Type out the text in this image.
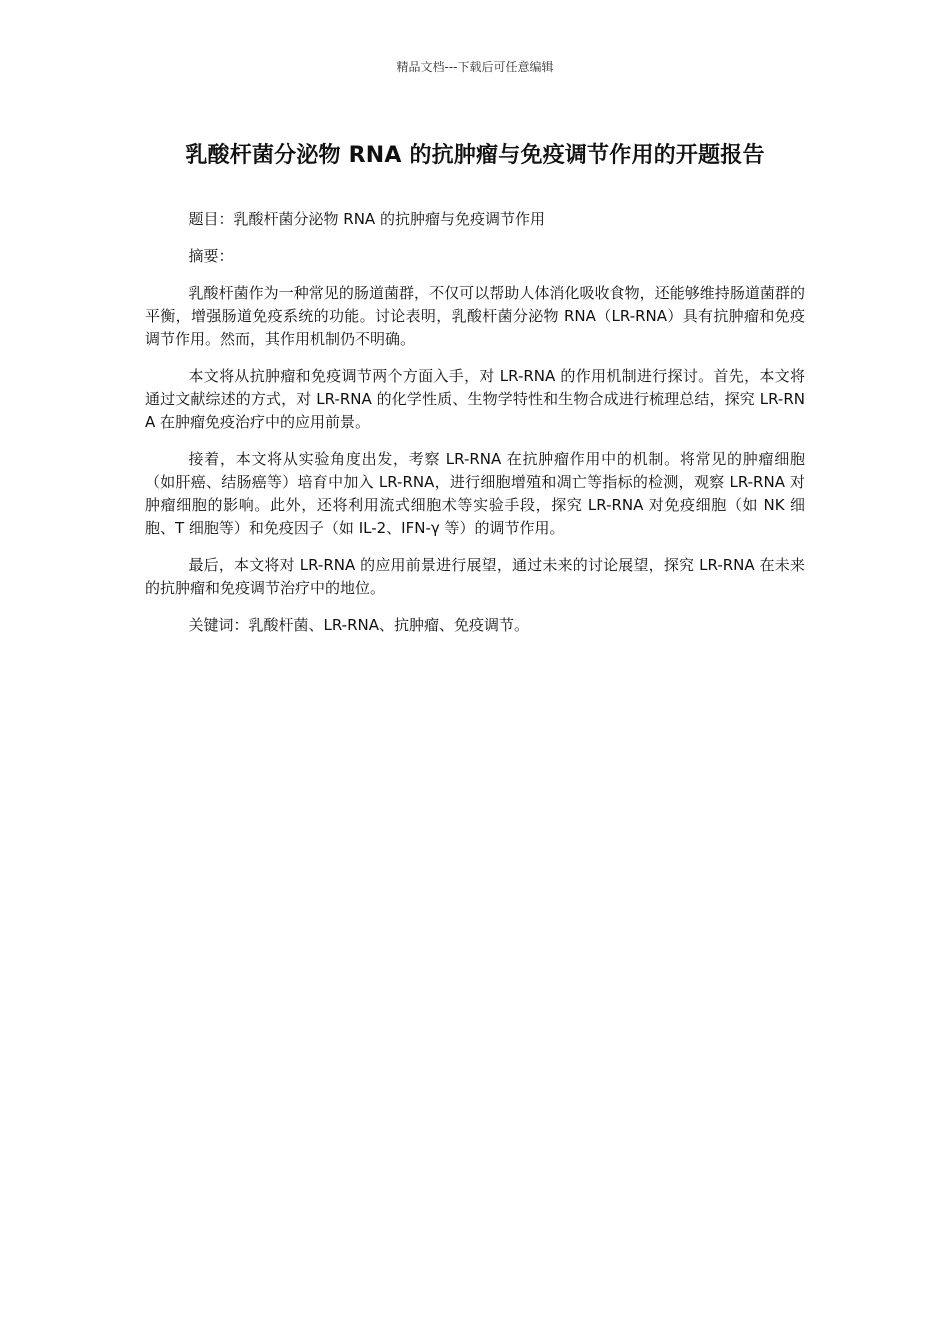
精品文档---下载后可任意编辑
乳酸杆菌分泌物 RNA 的抗肿瘤与免疫调节作用的开题报告

题目：乳酸杆菌分泌物 RNA 的抗肿瘤与免疫调节作用

摘要：

乳酸杆菌作为一种常见的肠道菌群，不仅可以帮助人体消化吸收食物，还能够维持肠道菌群的平衡，增强肠道免疫系统的功能。讨论表明，乳酸杆菌分泌物 RNA（LR-RNA）具有抗肿瘤和免疫调节作用。然而，其作用机制仍不明确。

本文将从抗肿瘤和免疫调节两个方面入手，对 LR-RNA 的作用机制进行探讨。首先，本文将通过文献综述的方式，对 LR-RNA 的化学性质、生物学特性和生物合成进行梳理总结，探究 LR-RNA 在肿瘤免疫治疗中的应用前景。

接着，本文将从实验角度出发，考察 LR-RNA 在抗肿瘤作用中的机制。将常见的肿瘤细胞（如肝癌、结肠癌等）培育中加入 LR-RNA，进行细胞增殖和凋亡等指标的检测，观察 LR-RNA 对肿瘤细胞的影响。此外，还将利用流式细胞术等实验手段，探究 LR-RNA 对免疫细胞（如 NK 细胞、T 细胞等）和免疫因子（如 IL-2、IFN-γ 等）的调节作用。

最后，本文将对 LR-RNA 的应用前景进行展望，通过未来的讨论展望，探究 LR-RNA 在未来的抗肿瘤和免疫调节治疗中的地位。

关键词：乳酸杆菌、LR-RNA、抗肿瘤、免疫调节。
